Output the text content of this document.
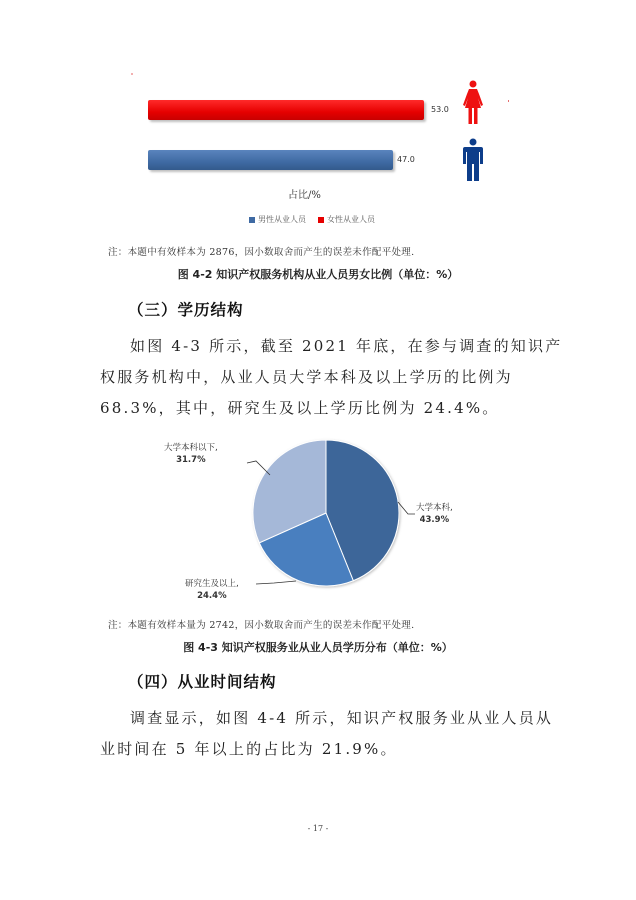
53.0
47.0
占比/%
男性从业人员	女性从业人员
注：本题中有效样本为 2876，因小数取舍而产生的误差未作配平处理.
图 4-2 知识产权服务机构从业人员男女比例（单位：%）
（三）学历结构
如图 4-3 所示，截至 2021 年底，在参与调查的知识产
权服务机构中，从业人员大学本科及以上学历的比例为
68.3%，其中，研究生及以上学历比例为 24.4%。
大学本科以下,
31.7%
大学本科,
43.9%
研究生及以上,
24.4%
注：本题有效样本量为 2742，因小数取舍而产生的误差未作配平处理.
图 4-3 知识产权服务业从业人员学历分布（单位：%）
（四）从业时间结构
调查显示，如图 4-4 所示，知识产权服务业从业人员从
业时间在 5 年以上的占比为 21.9%。
- 17 -
